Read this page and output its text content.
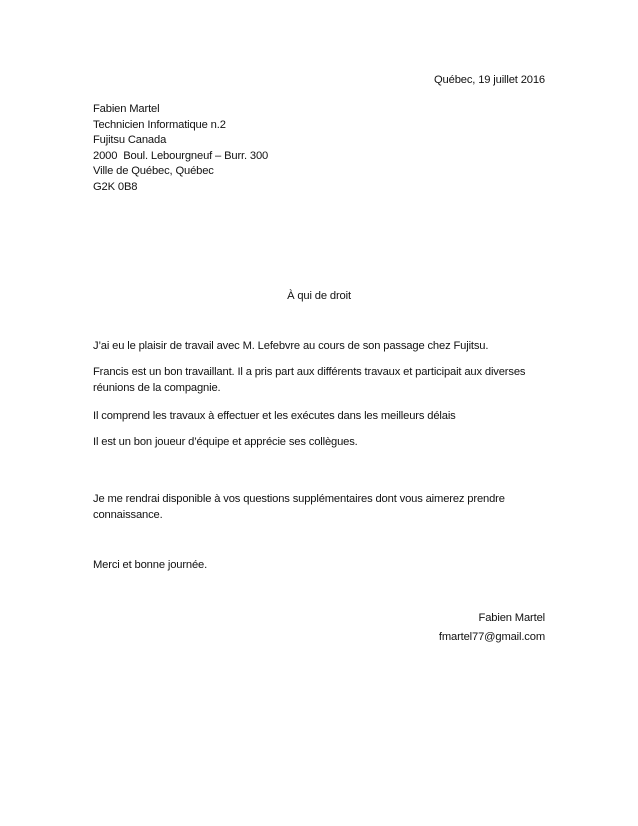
Québec, 19 juillet 2016
Fabien Martel
Technicien Informatique n.2
Fujitsu Canada
2000  Boul. Lebourgneuf – Burr. 300
Ville de Québec, Québec
G2K 0B8
À qui de droit
J’ai eu le plaisir de travail avec M. Lefebvre au cours de son passage chez Fujitsu.
Francis est un bon travaillant. Il a pris part aux différents travaux et participait aux diverses réunions de la compagnie.
Il comprend les travaux à effectuer et les exécutes dans les meilleurs délais
Il est un bon joueur d’équipe et apprécie ses collègues.
Je me rendrai disponible à vos questions supplémentaires dont vous aimerez prendre connaissance.
Merci et bonne journée.
Fabien Martel
fmartel77@gmail.com
